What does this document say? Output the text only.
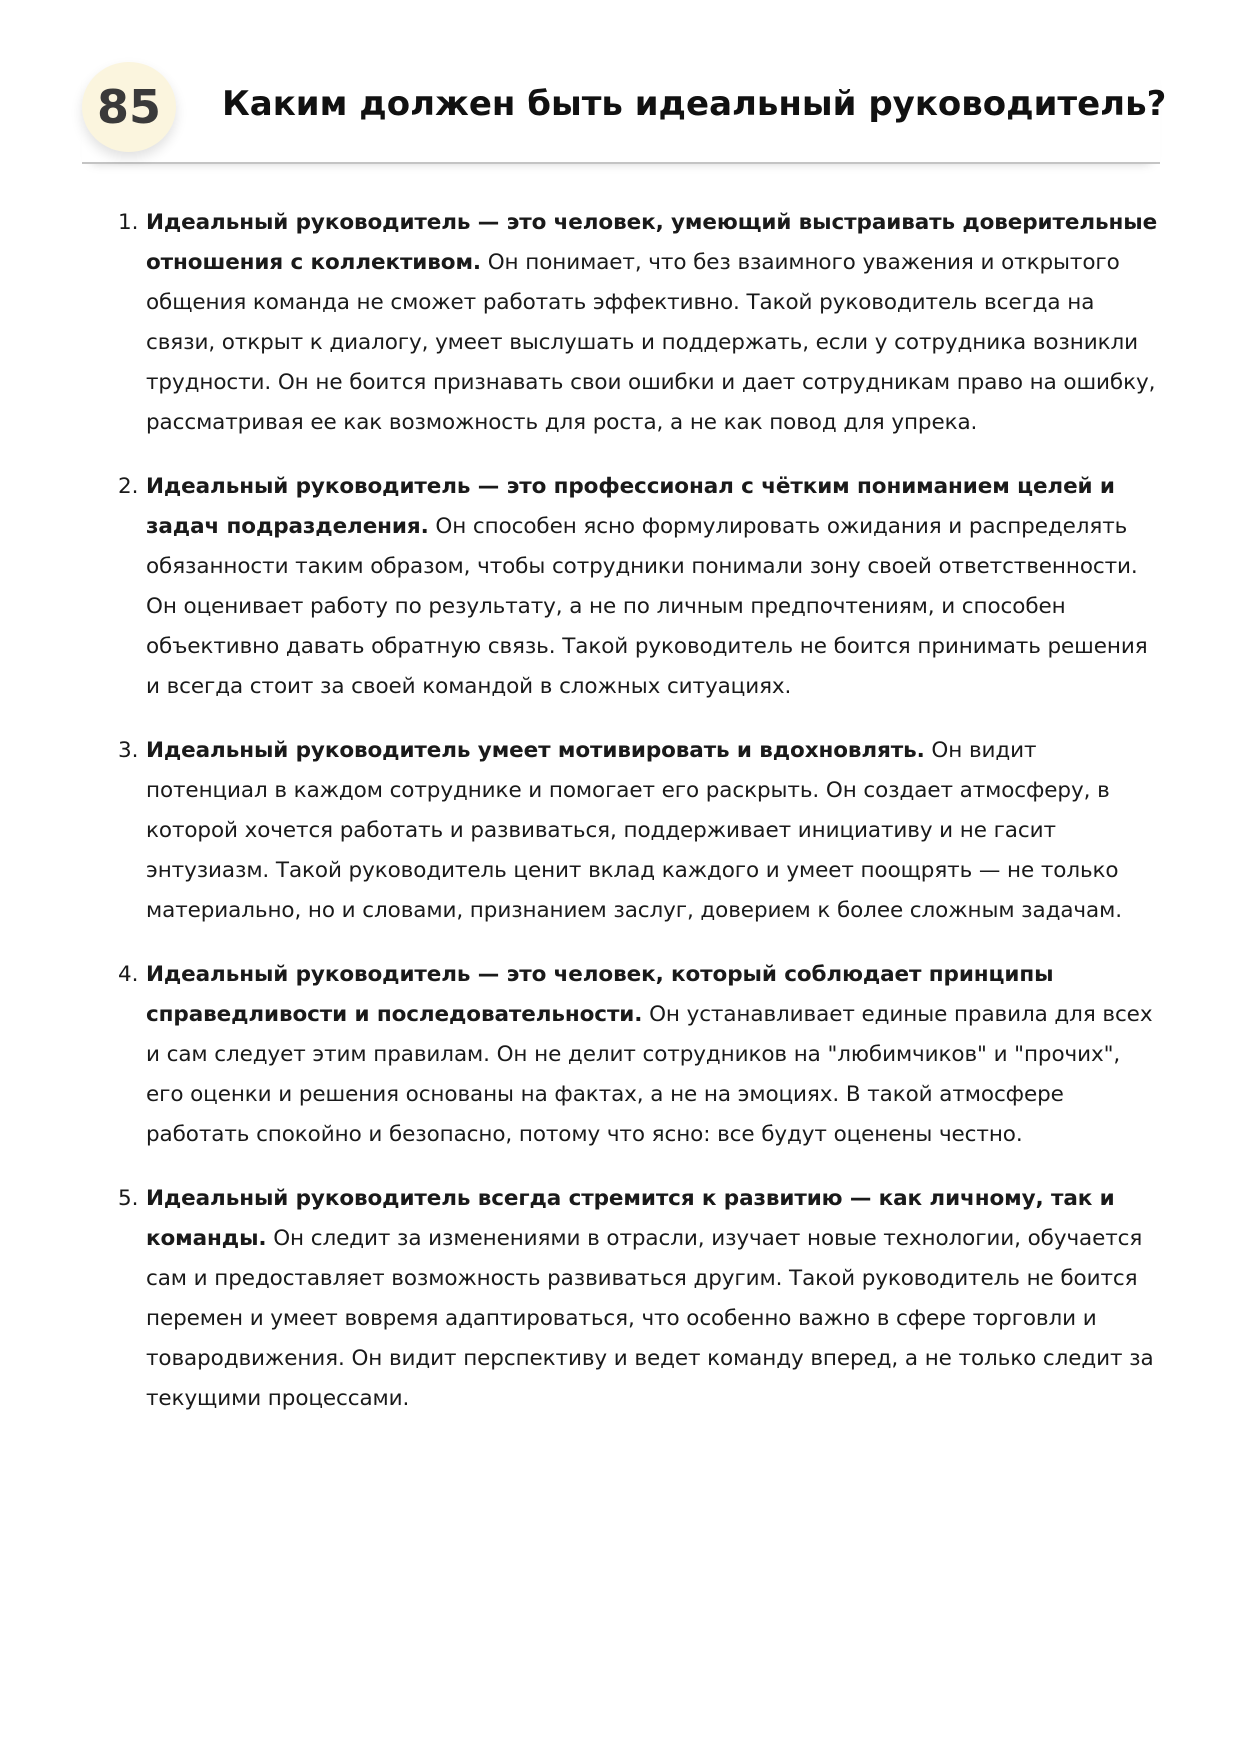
85	Каким должен быть идеальный руководитель?
1. Идеальный руководитель — это человек, умеющий выстраивать доверительные отношения с коллективом. Он понимает, что без взаимного уважения и открытого общения команда не сможет работать эффективно. Такой руководитель всегда на связи, открыт к диалогу, умеет выслушать и поддержать, если у сотрудника возникли трудности. Он не боится признавать свои ошибки и дает сотрудникам право на ошибку, рассматривая ее как возможность для роста, а не как повод для упрека.
2. Идеальный руководитель — это профессионал с чётким пониманием целей и задач подразделения. Он способен ясно формулировать ожидания и распределять обязанности таким образом, чтобы сотрудники понимали зону своей ответственности. Он оценивает работу по результату, а не по личным предпочтениям, и способен объективно давать обратную связь. Такой руководитель не боится принимать решения и всегда стоит за своей командой в сложных ситуациях.
3. Идеальный руководитель умеет мотивировать и вдохновлять. Он видит потенциал в каждом сотруднике и помогает его раскрыть. Он создает атмосферу, в которой хочется работать и развиваться, поддерживает инициативу и не гасит энтузиазм. Такой руководитель ценит вклад каждого и умеет поощрять — не только материально, но и словами, признанием заслуг, доверием к более сложным задачам.
4. Идеальный руководитель — это человек, который соблюдает принципы справедливости и последовательности. Он устанавливает единые правила для всех и сам следует этим правилам. Он не делит сотрудников на "любимчиков" и "прочих", его оценки и решения основаны на фактах, а не на эмоциях. В такой атмосфере работать спокойно и безопасно, потому что ясно: все будут оценены честно.
5. Идеальный руководитель всегда стремится к развитию — как личному, так и команды. Он следит за изменениями в отрасли, изучает новые технологии, обучается сам и предоставляет возможность развиваться другим. Такой руководитель не боится перемен и умеет вовремя адаптироваться, что особенно важно в сфере торговли и товародвижения. Он видит перспективу и ведет команду вперед, а не только следит за текущими процессами.
